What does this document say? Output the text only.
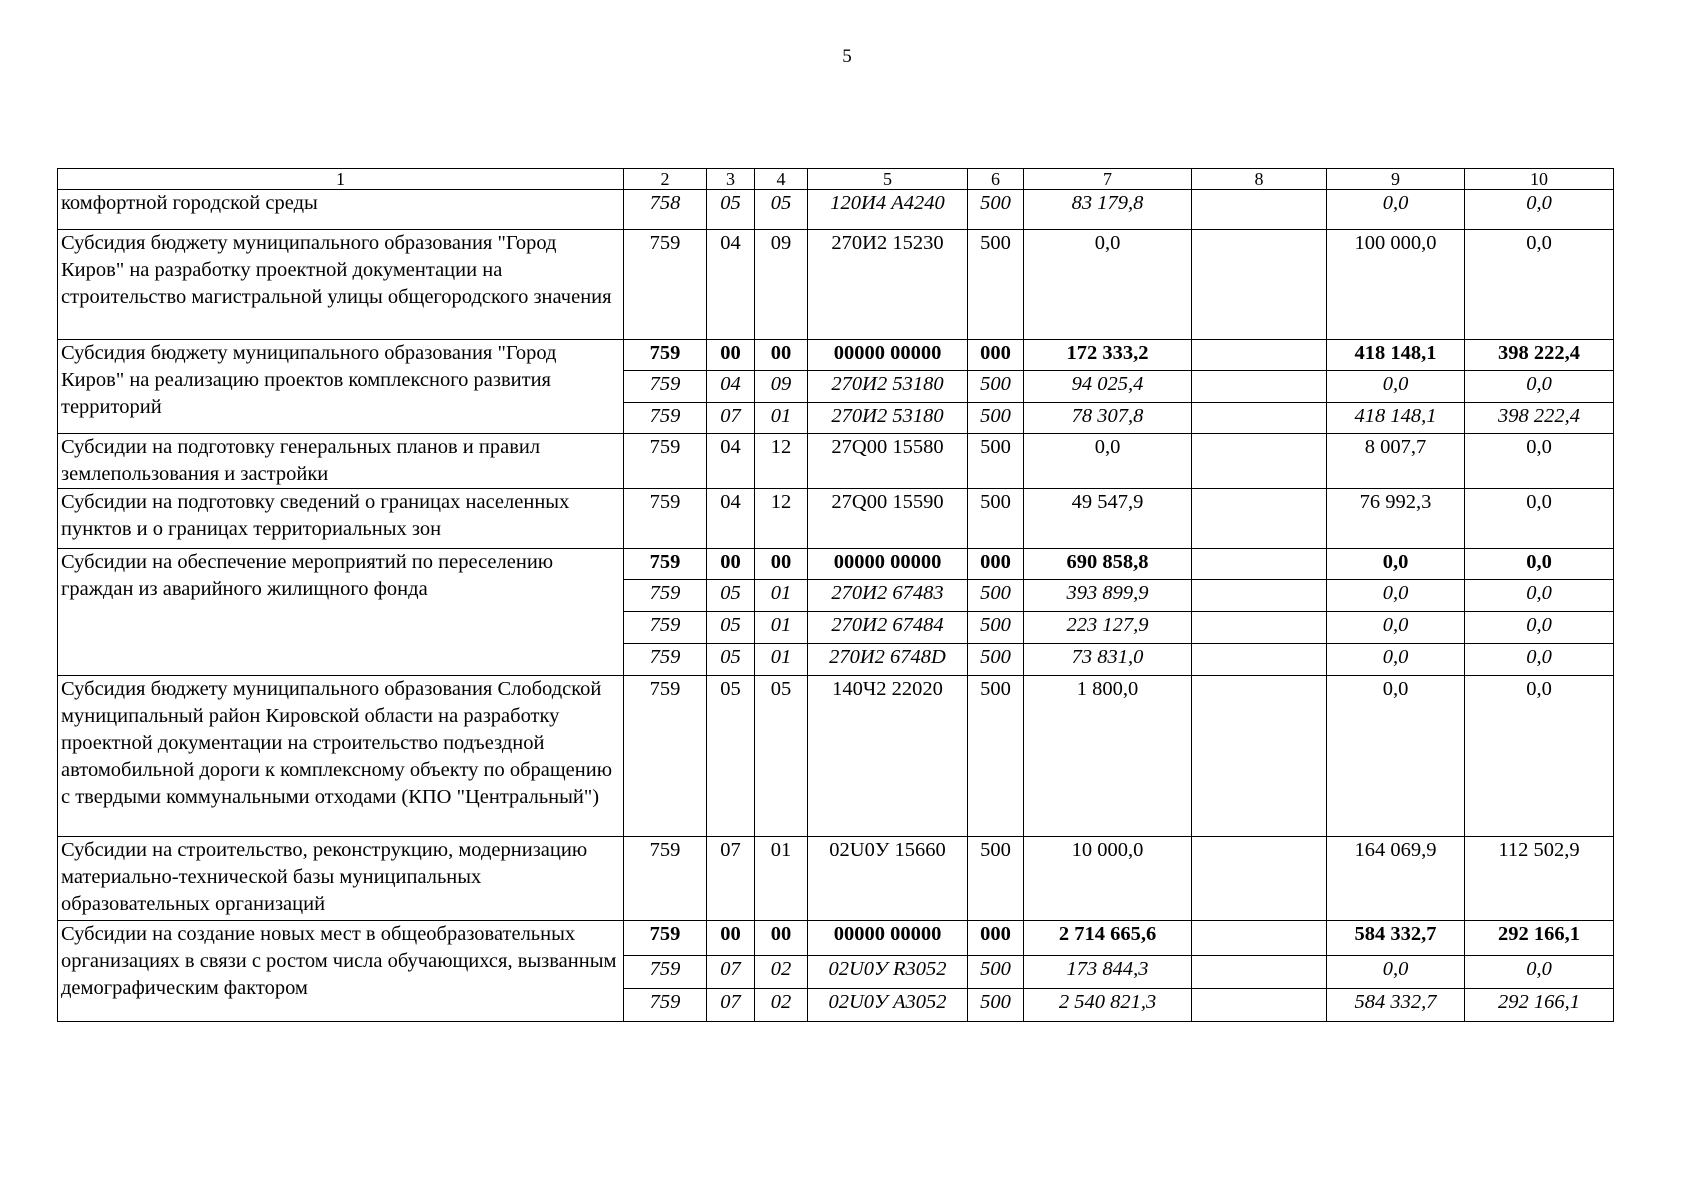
5
1	2	3	4	5	6	7	8	9	10
комфортной городской среды	758	05	05	120И4 А4240	500	83 179,8		0,0	0,0
Субсидия бюджету муниципального образования "Город Киров" на разработку проектной документации на строительство магистральной улицы общегородского значения	759	04	09	270И2 15230	500	0,0		100 000,0	0,0
Субсидия бюджету муниципального образования "Город Киров" на реализацию проектов комплексного развития территорий	759	00	00	00000 00000	000	172 333,2		418 148,1	398 222,4
	759	04	09	270И2 53180	500	94 025,4		0,0	0,0
	759	07	01	270И2 53180	500	78 307,8		418 148,1	398 222,4
Субсидии на подготовку генеральных планов и правил землепользования и застройки	759	04	12	27Q00 15580	500	0,0		8 007,7	0,0
Субсидии на подготовку сведений о границах населенных пунктов и о границах территориальных зон	759	04	12	27Q00 15590	500	49 547,9		76 992,3	0,0
Субсидии на обеспечение мероприятий по переселению граждан из аварийного жилищного фонда	759	00	00	00000 00000	000	690 858,8		0,0	0,0
	759	05	01	270И2 67483	500	393 899,9		0,0	0,0
	759	05	01	270И2 67484	500	223 127,9		0,0	0,0
	759	05	01	270И2 6748D	500	73 831,0		0,0	0,0
Субсидия бюджету муниципального образования Слободской муниципальный район Кировской области на разработку проектной документации на строительство подъездной автомобильной дороги к комплексному объекту по обращению с твердыми коммунальными отходами (КПО "Центральный")	759	05	05	140Ч2 22020	500	1 800,0		0,0	0,0
Субсидии на строительство, реконструкцию, модернизацию материально-технической базы муниципальных образовательных организаций	759	07	01	02U0У 15660	500	10 000,0		164 069,9	112 502,9
Субсидии на создание новых мест в общеобразовательных организациях в связи с ростом числа обучающихся, вызванным демографическим фактором	759	00	00	00000 00000	000	2 714 665,6		584 332,7	292 166,1
	759	07	02	02U0У R3052	500	173 844,3		0,0	0,0
	759	07	02	02U0У А3052	500	2 540 821,3		584 332,7	292 166,1
